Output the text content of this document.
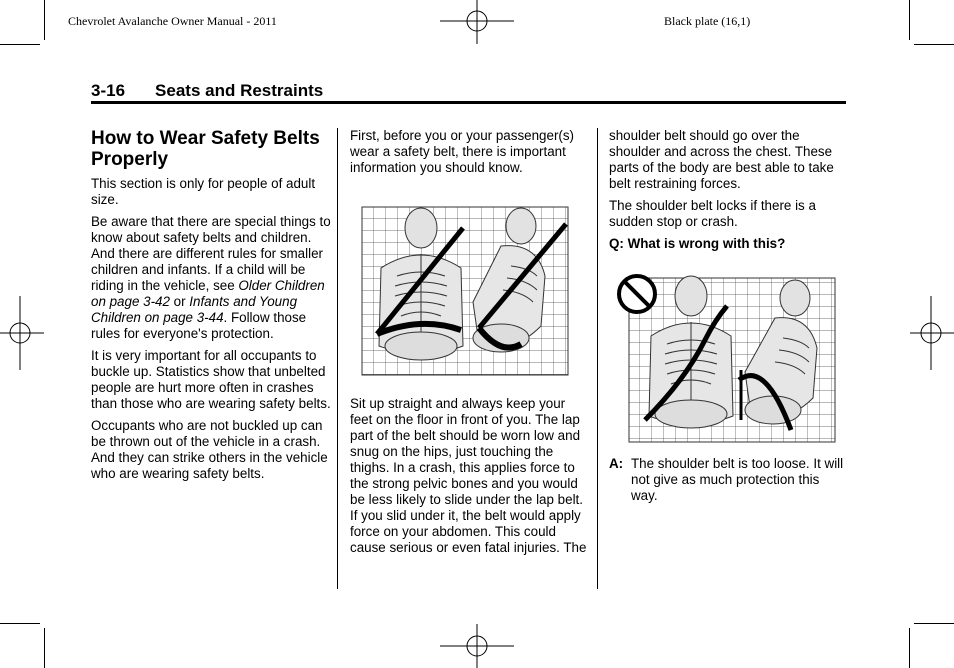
Chevrolet Avalanche Owner Manual - 2011	Black plate (16,1)
3-16 Seats and Restraints
How to Wear Safety Belts Properly

This section is only for people of adult size.

Be aware that there are special things to know about safety belts and children. And there are different rules for smaller children and infants. If a child will be riding in the vehicle, see Older Children on page 3-42 or Infants and Young Children on page 3-44. Follow those rules for everyone's protection.

It is very important for all occupants to buckle up. Statistics show that unbelted people are hurt more often in crashes than those who are wearing safety belts.

Occupants who are not buckled up can be thrown out of the vehicle in a crash. And they can strike others in the vehicle who are wearing safety belts.

First, before you or your passenger(s) wear a safety belt, there is important information you should know.

Sit up straight and always keep your feet on the floor in front of you. The lap part of the belt should be worn low and snug on the hips, just touching the thighs. In a crash, this applies force to the strong pelvic bones and you would be less likely to slide under the lap belt. If you slid under it, the belt would apply force on your abdomen. This could cause serious or even fatal injuries. The

shoulder belt should go over the shoulder and across the chest. These parts of the body are best able to take belt restraining forces.

The shoulder belt locks if there is a sudden stop or crash.

Q: What is wrong with this?

A: The shoulder belt is too loose. It will not give as much protection this way.
